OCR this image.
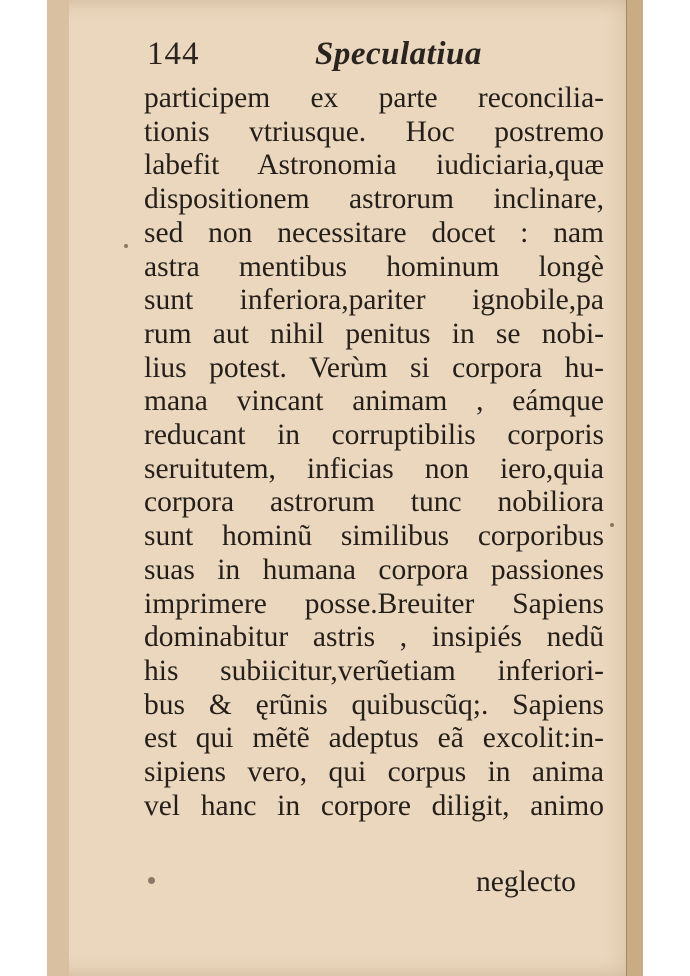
144	Speculatiua
participem ex parte reconcilia-
tionis vtriusque. Hoc postremo
labefit Astronomia iudiciaria,quæ
dispositionem astrorum inclinare,
sed non necessitare docet : nam
astra mentibus hominum longè
sunt inferiora,pariter ignobile,pa
rum aut nihil penitus in se nobi-
lius potest. Verùm si corpora hu-
mana vincant animam , eámque
reducant in corruptibilis corporis
seruitutem, inficias non iero,quia
corpora astrorum tunc nobiliora
sunt hominũ similibus corporibus
suas in humana corpora passiones
imprimere posse.Breuiter Sapiens
dominabitur astris , insipiés nedũ
his subiicitur,verũetiam inferiori-
bus & ęrũnis quibuscũq;. Sapiens
est qui mẽtẽ adeptus eã excolit:in-
sipiens vero, qui corpus in anima
vel hanc in corpore diligit, animo
neglecto
